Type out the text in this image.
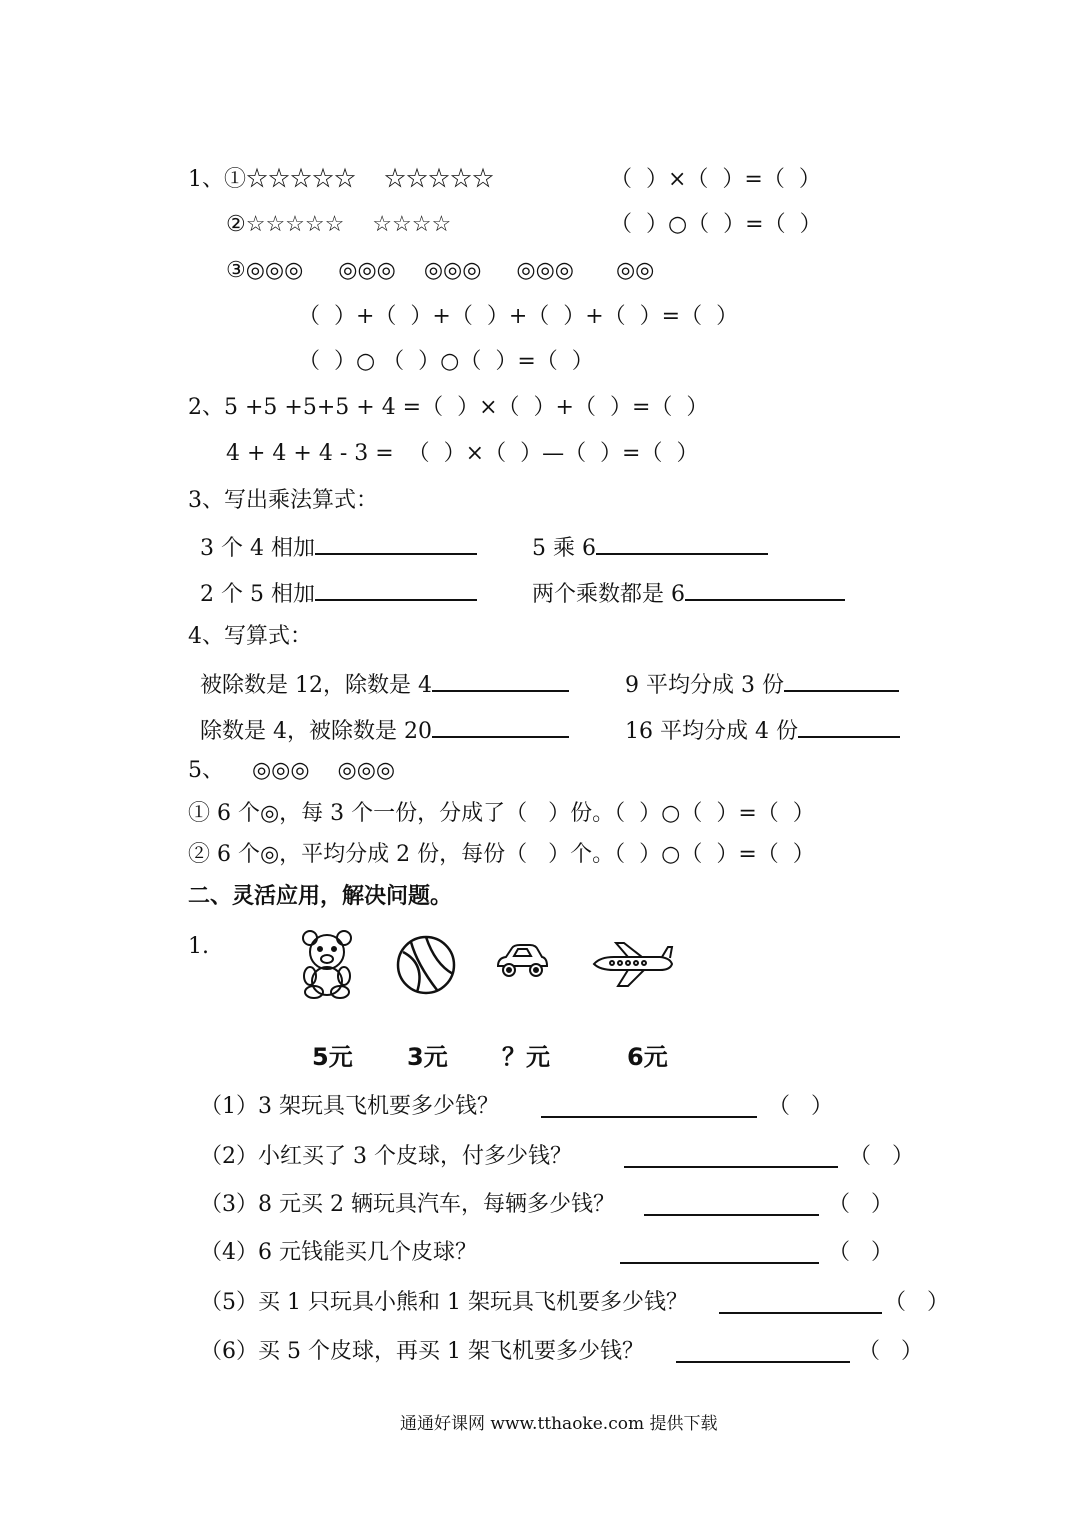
1、①☆☆☆☆☆    ☆☆☆☆☆	（  ）×（  ）=（  ）
②☆☆☆☆☆    ☆☆☆☆	（  ）○（  ）=（  ）
③◎◎◎     ◎◎◎    ◎◎◎     ◎◎◎      ◎◎
（  ）+（  ）+（  ）+（  ）+（  ）=（  ）
（  ）○ （  ）○（  ）=（  ）
2、5 +5 +5+5 + 4 =（  ）×（  ）+（  ）=（  ）
4 + 4 + 4 - 3 =  （  ）×（  ）—（  ）=（  ）
3、写出乘法算式：
3 个 4 相加	5 乘 6
2 个 5 相加	两个乘数都是 6
4、写算式：
被除数是 12，除数是 4	9 平均分成 3 份
除数是 4，被除数是 20	16 平均分成 4 份
5、    ◎◎◎    ◎◎◎
① 6 个◎，每 3 个一份，分成了（   ）份。（  ）○（  ）=（  ）
② 6 个◎，平均分成 2 份，每份（   ）个。（  ）○（  ）=（  ）
二、灵活应用，解决问题。
1.
5元 3元 ？元	6元
（1）3 架玩具飞机要多少钱？	（   ）
（2）小红买了 3 个皮球，付多少钱？	（   ）
（3）8 元买 2 辆玩具汽车，每辆多少钱？	（   ）
（4）6 元钱能买几个皮球？	（   ）
（5）买 1 只玩具小熊和 1 架玩具飞机要多少钱？	（   ）
（6）买 5 个皮球，再买 1 架飞机要多少钱？	（   ）
通通好课网 www.tthaoke.com 提供下载
